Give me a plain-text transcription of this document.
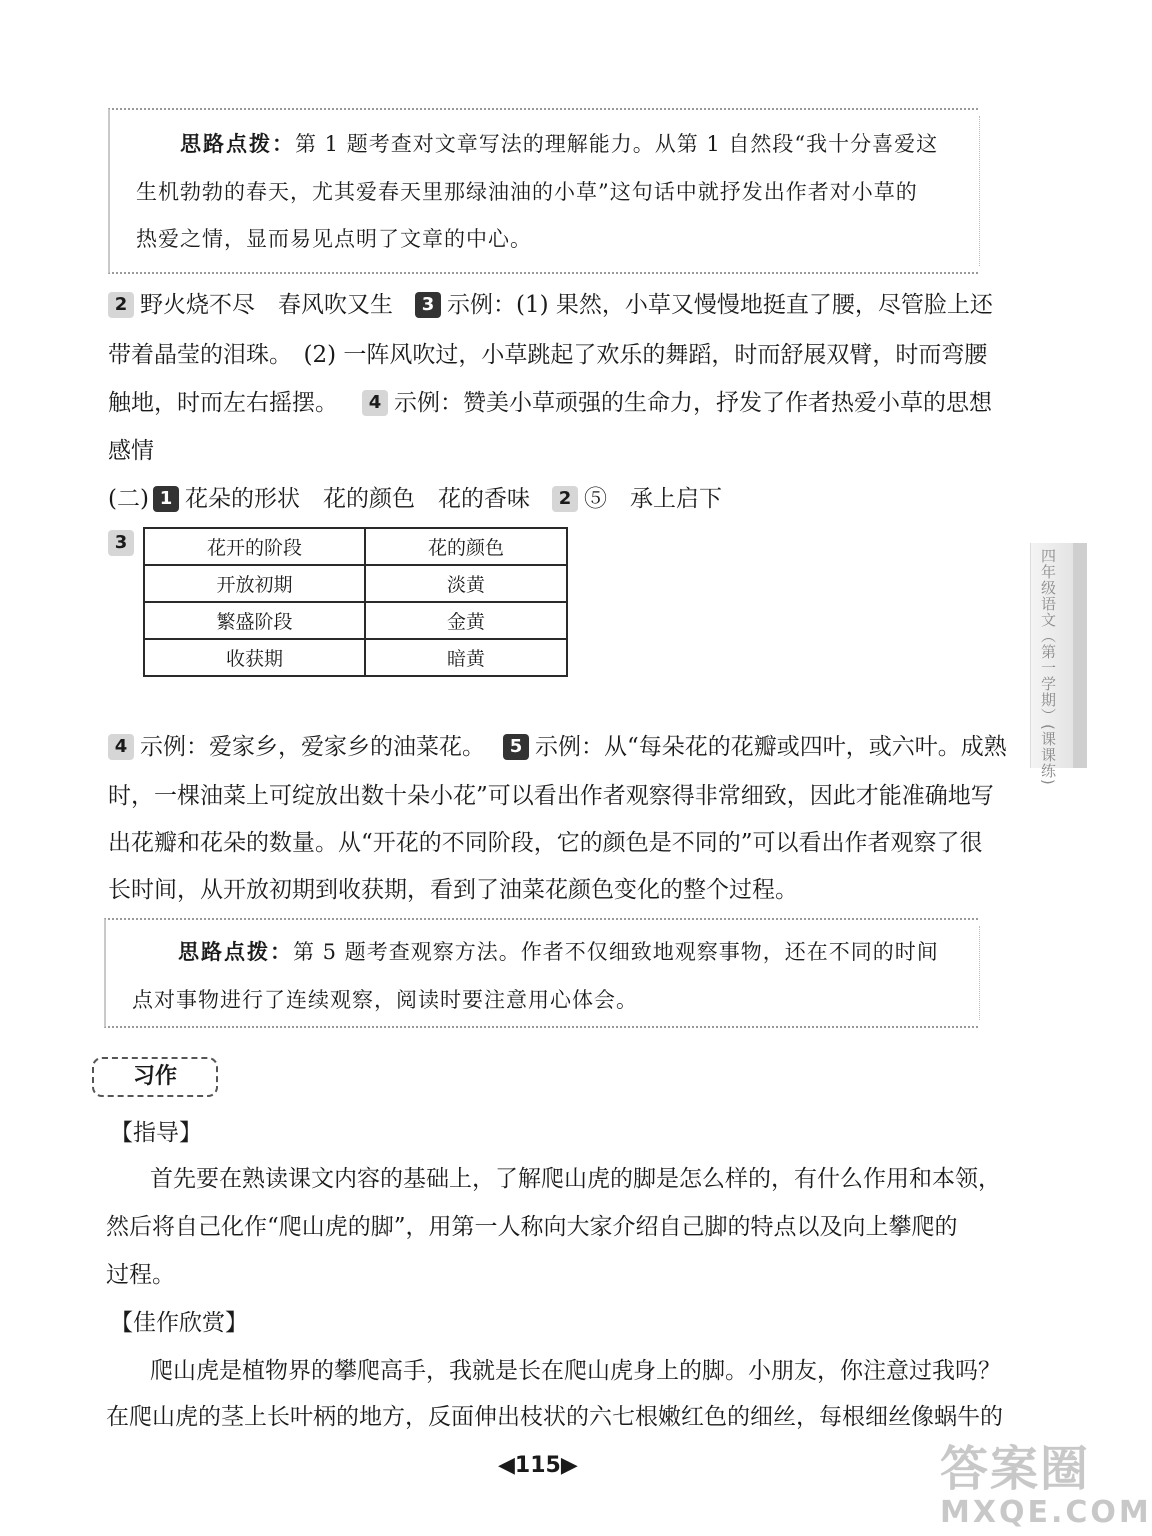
思路点拨：第 1 题考查对文章写法的理解能力。从第 1 自然段“我十分喜爱这
生机勃勃的春天，尤其爱春天里那绿油油的小草”这句话中就抒发出作者对小草的
热爱之情，显而易见点明了文章的中心。
2 野火烧不尽　春风吹又生 3 示例：(1) 果然，小草又慢慢地挺直了腰，尽管脸上还
带着晶莹的泪珠。　(2) 一阵风吹过，小草跳起了欢乐的舞蹈，时而舒展双臂，时而弯腰
触地，时而左右摇摆。 4 示例：赞美小草顽强的生命力，抒发了作者热爱小草的思想
感情
(二) 1 花朵的形状　花的颜色　花的香味 2 ⑤　承上启下
3	花开的阶段	花的颜色
开放初期	淡黄
繁盛阶段	金黄
收获期	暗黄
4 示例：爱家乡，爱家乡的油菜花。 5 示例：从“每朵花的花瓣或四叶，或六叶。成熟
时，一棵油菜上可绽放出数十朵小花”可以看出作者观察得非常细致，因此才能准确地写
出花瓣和花朵的数量。从“开花的不同阶段，它的颜色是不同的”可以看出作者观察了很
长时间，从开放初期到收获期，看到了油菜花颜色变化的整个过程。
思路点拨：第 5 题考查观察方法。作者不仅细致地观察事物，还在不同的时间
点对事物进行了连续观察，阅读时要注意用心体会。
习作
【指导】
首先要在熟读课文内容的基础上，了解爬山虎的脚是怎么样的，有什么作用和本领，
然后将自己化作“爬山虎的脚”，用第一人称向大家介绍自己脚的特点以及向上攀爬的
过程。
【佳作欣赏】
爬山虎是植物界的攀爬高手，我就是长在爬山虎身上的脚。小朋友，你注意过我吗？
在爬山虎的茎上长叶柄的地方，反面伸出枝状的六七根嫩红色的细丝，每根细丝像蜗牛的
◀115▶
四年级语文（第一学期）(课课练)
答案圈
MXQE.COM
